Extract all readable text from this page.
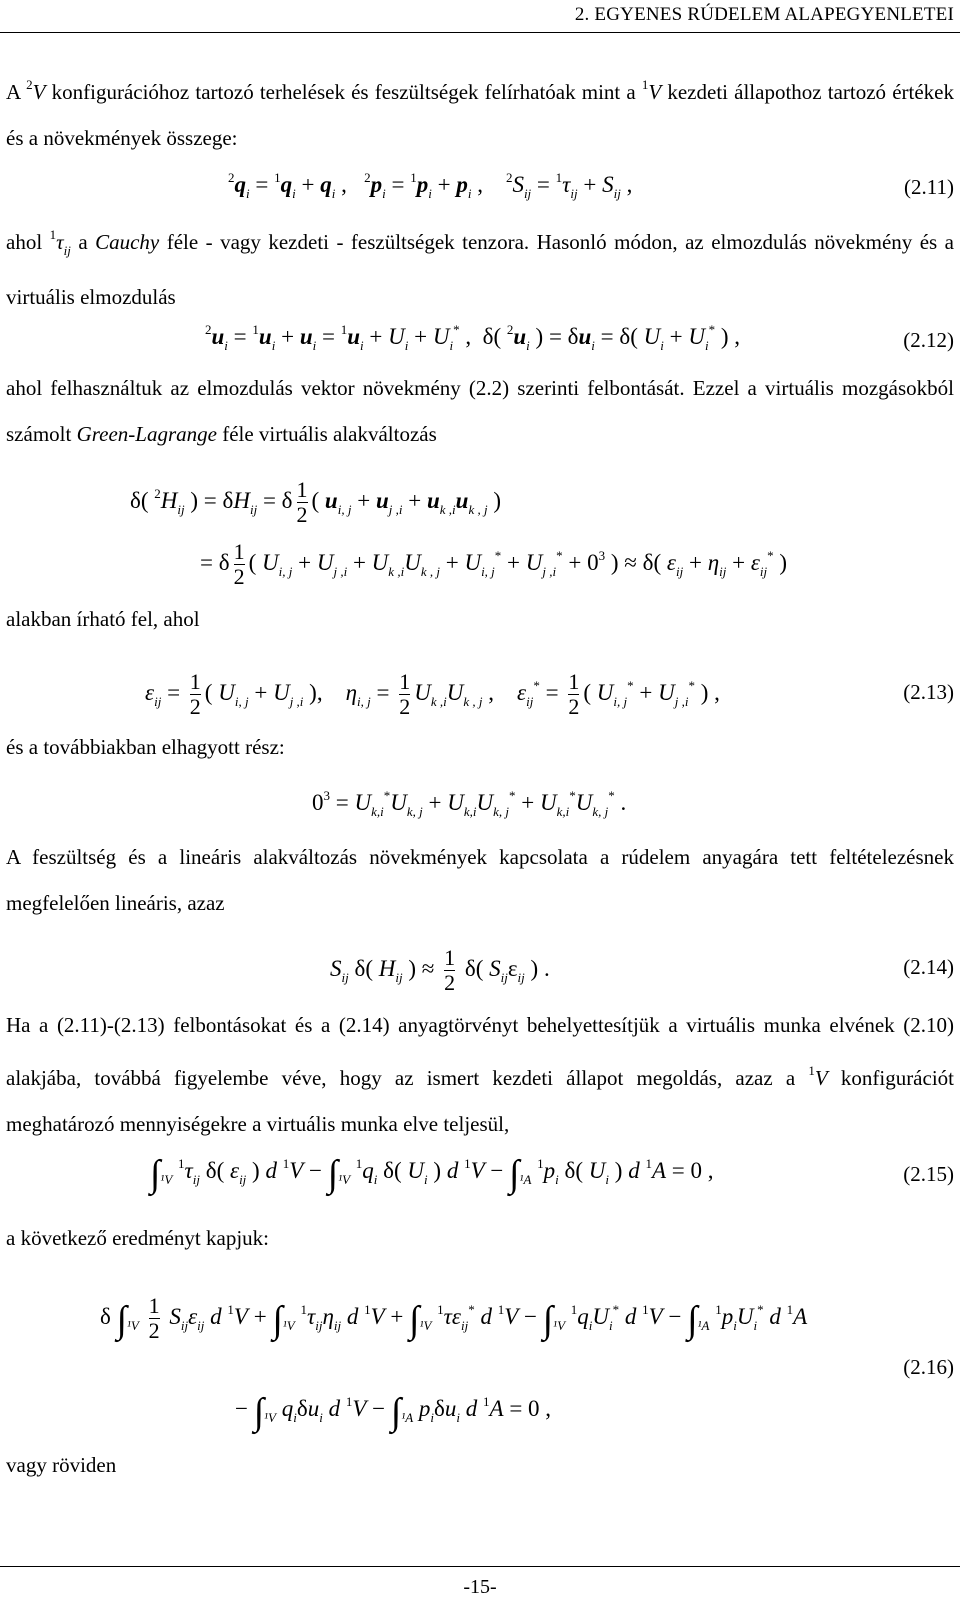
2. EGYENES RÚDELEM ALAPEGYENLETEI
A $^2$V konfigurációhoz tartozó terhelések és feszültségek felírhatóak mint a $^1$V kezdeti állapothoz tartozó értékek és a növekmények összege:
$^2q_i = ^1q_i + q_i$ ,   $^2p_i = ^1p_i + p_i$ ,    $^2S_{ij} = ^1\tau_{ij} + S_{ij}$ ,	(2.11)
ahol $^1\tau_{ij}$ a Cauchy féle - vagy kezdeti - feszültségek tenzora. Hasonló módon, az elmozdulás növekmény és a virtuális elmozdulás
$^2u_i = ^1u_i + u_i = ^1u_i + U_i + U_i^*$ ,  δ( $^2u_i$ ) = $\delta u_i = \delta$( $U_i + U_i^*$ ) ,	(2.12)
ahol felhasználtuk az elmozdulás vektor növekmény (2.2) szerinti felbontását. Ezzel a virtuális mozgásokból számolt Green-Lagrange féle virtuális alakváltozás
δ( $^2H_{ij}$ ) = $\delta H_{ij} = \delta \frac{1}{2}$ ( $u_{i, j} + u_{j ,i} + u_{k ,i}u_{k , j}$ )
= δ $\frac{1}{2}$ ( $U_{i, j} + U_{j ,i} + U_{k ,i}U_{k , j} + U_{i, j}^* + U_{j ,i}^* + 0^3$ ) ≈ δ( $\varepsilon_{ij} + \eta_{ij} + \varepsilon_{ij}^*$ )
alakban írható fel, ahol
$\varepsilon_{ij} = \frac{1}{2}$ ( $U_{i, j} + U_{j ,i}$ ),    $\eta_{i, j} = \frac{1}{2} U_{k ,i}U_{k , j}$ ,    $\varepsilon_{ij}^* = \frac{1}{2}$ ( $U_{i, j}^* + U_{j ,i}^*$ ) ,	(2.13)
és a továbbiakban elhagyott rész:
$0^3 = U_{k,i}^*U_{k, j} + U_{k,i}U_{k, j}^* + U_{k,i}^*U_{k, j}^*$ .
A feszültség és a lineáris alakváltozás növekmények kapcsolata a rúdelem anyagára tett feltételezésnek megfelelően lineáris, azaz
$S_{ij}$ δ( $H_{ij}$ ) ≈ $\frac{1}{2} \delta$( $S_{ij}\varepsilon_{ij}$ ) .	(2.14)
Ha a (2.11)-(2.13) felbontásokat és a (2.14) anyagtörvényt behelyettesítjük a virtuális munka elvének (2.10) alakjába, továbbá figyelembe véve, hogy az ismert kezdeti állapot megoldás, azaz a $^1$V konfigurációt meghatározó mennyiségekre a virtuális munka elve teljesül,
$\int_{^1V}$ $^1\tau_{ij}$ δ( $\varepsilon_{ij}$ ) d $^1V - \int_{^1V}$ $^1q_i$ δ( $U_i$ ) d $^1V - \int_{^1A}$ $^1p_i$ δ( $U_i$ ) d $^1$A = 0 ,	(2.15)
a következő eredményt kapjuk:
δ $\int_{^1V} \frac{1}{2} S_{ij}\varepsilon_{ij}$ d $^1V + \int_{^1V}$ $^1\tau_{ij}\eta_{ij}$ d $^1V + \int_{^1V}$ $^1\tau\varepsilon_{ij}^*$ d $^1V - \int_{^1V}$ $^1q_iU_i^*$ d $^1V - \int_{^1A}$ $^1p_iU_i^*$ d $^1$A
− $\int_{^1V}$ $q_i\delta u_i$ d $^1V - \int_{^1A}$ $p_i\delta u_i$ d $^1$A = 0 ,
(2.16)
vagy röviden
-15-
